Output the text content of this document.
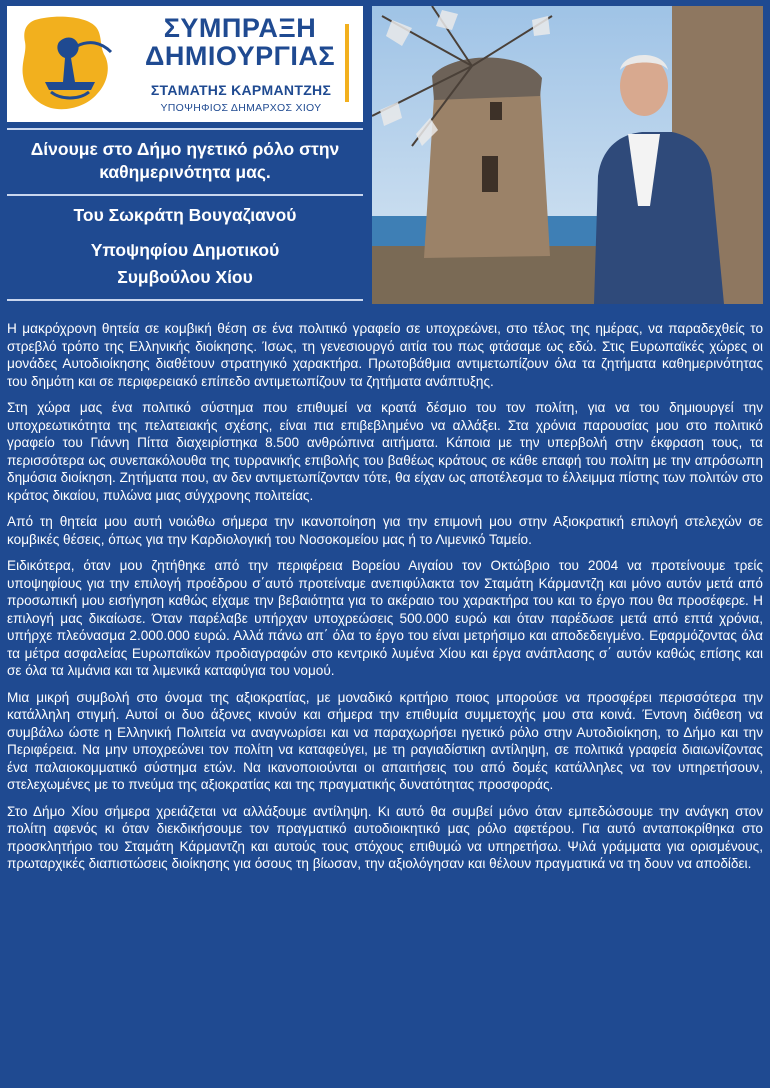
ΣΥΜΠΡΑΞΗ
ΔΗΜΙΟΥΡΓΙΑΣ
ΣΤΑΜΑΤΗΣ ΚΑΡΜΑΝΤΖΗΣ
ΥΠΟΨΗΦΙΟΣ ΔΗΜΑΡΧΟΣ ΧΙΟΥ
Δίνουμε στο Δήμο ηγετικό ρόλο στην καθημερινότητα μας.
Του Σωκράτη Βουγαζιανού
Υποψηφίου Δημοτικού
Συμβούλου Χίου

Η μακρόχρονη θητεία σε κομβική θέση σε ένα πολιτικό γραφείο σε υποχρεώνει, στο τέλος της ημέρας, να παραδεχθείς το στρεβλό τρόπο της Ελληνικής διοίκησης. Ίσως, τη γενεσιουργό αιτία του πως φτάσαμε ως εδώ. Στις Ευρωπαϊκές χώρες οι μονάδες Αυτοδιοίκησης διαθέτουν στρατηγικό χαρακτήρα. Πρωτοβάθμια αντιμετωπίζουν όλα τα ζητήματα καθημερινότητας του δημότη και σε περιφερειακό επίπεδο αντιμετωπίζουν τα ζητήματα ανάπτυξης.

Στη χώρα μας ένα πολιτικό σύστημα που επιθυμεί να κρατά δέσμιο του τον πολίτη, για να του δημιουργεί την υποχρεωτικότητα της πελατειακής σχέσης, είναι πια επιβεβλημένο να αλλάξει. Στα χρόνια παρουσίας μου στο πολιτικό γραφείο του Γιάννη Πίττα διαχειρίστηκα 8.500 ανθρώπινα αιτήματα. Κάποια με την υπερβολή στην έκφραση τους, τα περισσότερα ως συνεπακόλουθα της τυρρανικής επιβολής του βαθέως κράτους σε κάθε επαφή του πολίτη με την απρόσωπη δημόσια διοίκηση. Ζητήματα που, αν δεν αντιμετωπίζονταν τότε, θα είχαν ως αποτέλεσμα το έλλειμμα πίστης των πολιτών στο κράτος δικαίου, πυλώνα μιας σύγχρονης πολιτείας.

Από τη θητεία μου αυτή νοιώθω σήμερα την ικανοποίηση για την επιμονή μου στην Αξιοκρατική επιλογή στελεχών σε κομβικές θέσεις, όπως για την Καρδιολογική του Νοσοκομείου μας ή το Λιμενικό Ταμείο.

Ειδικότερα, όταν μου ζητήθηκε από την περιφέρεια Βορείου Αιγαίου τον Οκτώβριο του 2004 να προτείνουμε τρείς υποψηφίους για την επιλογή προέδρου σ΄αυτό προτείναμε ανεπιφύλακτα τον Σταμάτη Κάρμαντζη και μόνο αυτόν μετά από προσωπική μου εισήγηση καθώς είχαμε την βεβαιότητα για το ακέραιο του χαρακτήρα του και το έργο που θα προσέφερε. Η επιλογή μας δικαίωσε. Όταν παρέλαβε υπήρχαν υποχρεώσεις 500.000 ευρώ και όταν παρέδωσε μετά από επτά χρόνια, υπήρχε πλεόνασμα 2.000.000 ευρώ. Αλλά πάνω απ΄ όλα το έργο του είναι μετρήσιμο και αποδεδειγμένο. Εφαρμόζοντας όλα τα μέτρα ασφαλείας Ευρωπαϊκών προδιαγραφών στο κεντρικό λυμένα Χίου και έργα ανάπλασης σ΄ αυτόν καθώς επίσης και σε όλα τα λιμάνια και τα λιμενικά καταφύγια του νομού.

Μια μικρή συμβολή στο όνομα της αξιοκρατίας, με μοναδικό κριτήριο ποιος μπορούσε να προσφέρει περισσότερα την κατάλληλη στιγμή. Αυτοί οι δυο άξονες κινούν και σήμερα την επιθυμία συμμετοχής μου στα κοινά. Έντονη διάθεση να συμβάλω ώστε η Ελληνική Πολιτεία να αναγνωρίσει και να παραχωρήσει ηγετικό ρόλο στην Αυτοδιοίκηση, το Δήμο και την Περιφέρεια. Να μην υποχρεώνει τον πολίτη να καταφεύγει, με τη ραγιαδίστικη αντίληψη, σε πολιτικά γραφεία διαιωνίζοντας ένα παλαιοκομματικό σύστημα ετών. Να ικανοποιούνται οι απαιτήσεις του από δομές κατάλληλες να τον υπηρετήσουν, στελεχωμένες με το πνεύμα της αξιοκρατίας και της πραγματικής δυνατότητας προσφοράς.

Στο Δήμο Χίου σήμερα χρειάζεται να αλλάξουμε αντίληψη. Κι αυτό θα συμβεί μόνο όταν εμπεδώσουμε την ανάγκη στον πολίτη αφενός κι όταν διεκδικήσουμε τον πραγματικό αυτοδιοικητικό μας ρόλο αφετέρου. Για αυτό ανταποκρίθηκα στο προσκλητήριο του Σταμάτη Κάρμαντζη και αυτούς τους στόχους επιθυμώ να υπηρετήσω. Ψιλά γράμματα για ορισμένους, πρωταρχικές διαπιστώσεις διοίκησης για όσους τη βίωσαν, την αξιολόγησαν και θέλουν πραγματικά να τη δουν να αποδίδει.
